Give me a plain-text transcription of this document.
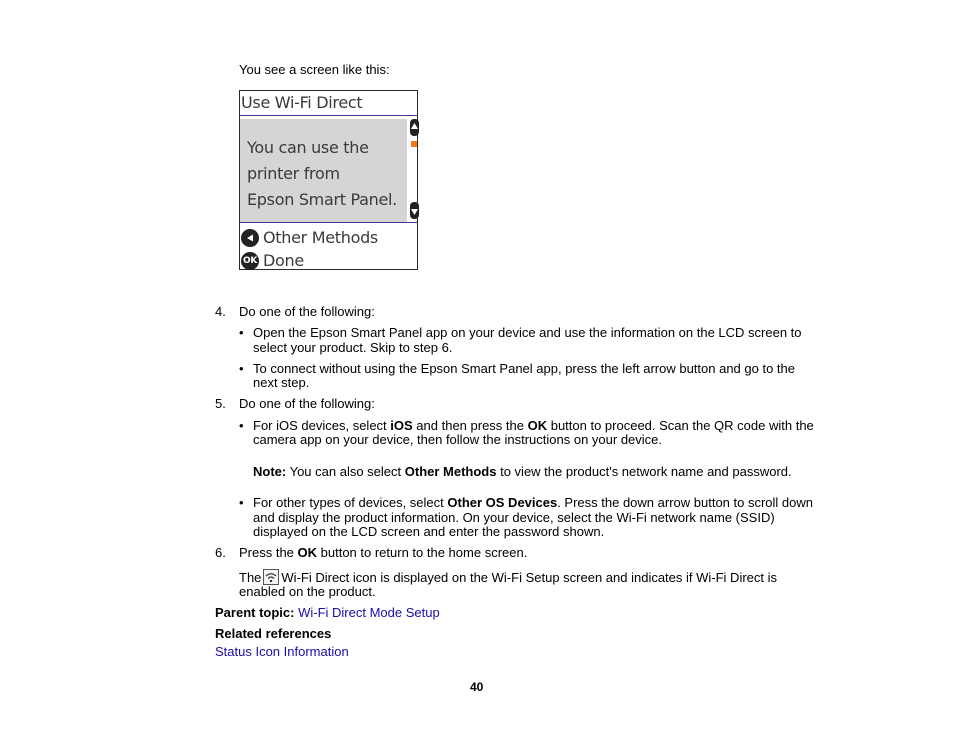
You see a screen like this:

Use Wi-Fi Direct
You can use the
printer from
Epson Smart Panel.
Other Methods
OK Done

4. Do one of the following:

• Open the Epson Smart Panel app on your device and use the information on the LCD screen to

select your product. Skip to step 6.

• To connect without using the Epson Smart Panel app, press the left arrow button and go to the

next step.

5. Do one of the following:

• For iOS devices, select iOS and then press the OK button to proceed. Scan the QR code with the

camera app on your device, then follow the instructions on your device.

Note: You can also select Other Methods to view the product's network name and password.

• For other types of devices, select Other OS Devices. Press the down arrow button to scroll down

and display the product information. On your device, select the Wi-Fi network name (SSID)

displayed on the LCD screen and enter the password shown.

6. Press the OK button to return to the home screen.

The Wi-Fi Direct icon is displayed on the Wi-Fi Setup screen and indicates if Wi-Fi Direct is

enabled on the product.

Parent topic: Wi-Fi Direct Mode Setup

Related references

Status Icon Information

40
